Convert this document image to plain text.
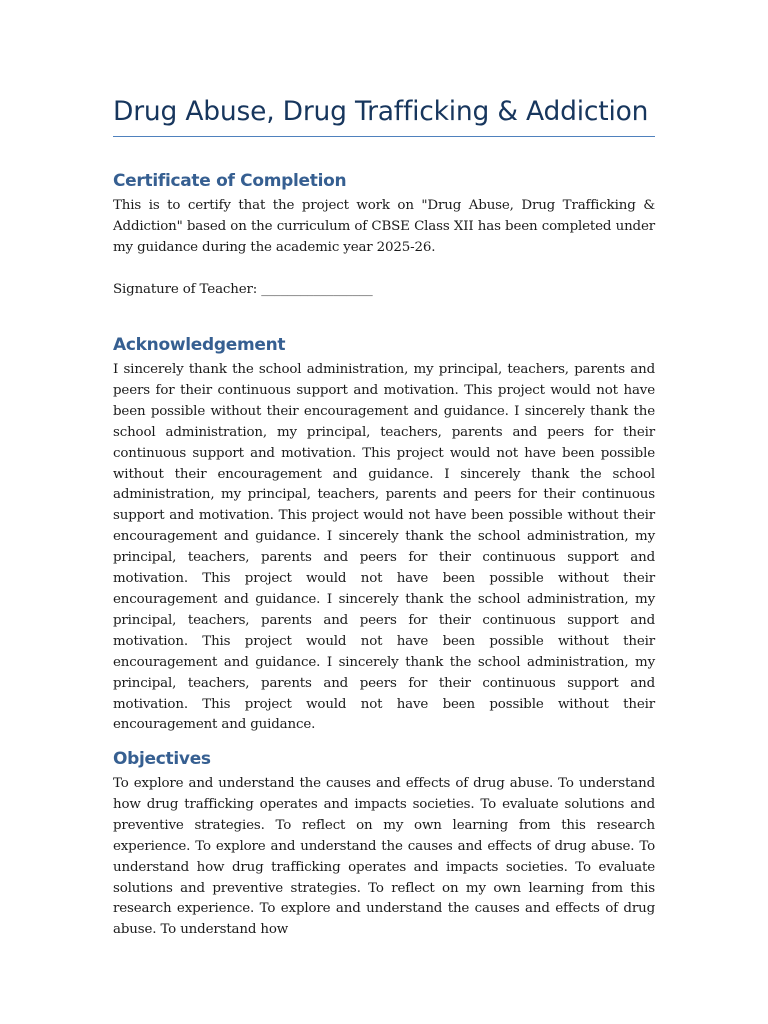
Drug Abuse, Drug Trafficking & Addiction
Certificate of Completion

This is to certify that the project work on "Drug Abuse, Drug Trafficking & Addiction" based on the curriculum of CBSE Class XII has been completed under my guidance during the academic year 2025-26.

Signature of Teacher: _________________

Acknowledgement

I sincerely thank the school administration, my principal, teachers, parents and peers for their continuous support and motivation. This project would not have been possible without their encouragement and guidance. I sincerely thank the school administration, my principal, teachers, parents and peers for their continuous support and motivation. This project would not have been possible without their encouragement and guidance. I sincerely thank the school administration, my principal, teachers, parents and peers for their continuous support and motivation. This project would not have been possible without their encouragement and guidance. I sincerely thank the school administration, my principal, teachers, parents and peers for their continuous support and motivation. This project would not have been possible without their encouragement and guidance. I sincerely thank the school administration, my principal, teachers, parents and peers for their continuous support and motivation. This project would not have been possible without their encouragement and guidance. I sincerely thank the school administration, my principal, teachers, parents and peers for their continuous support and motivation. This project would not have been possible without their encouragement and guidance.

Objectives

To explore and understand the causes and effects of drug abuse. To understand how drug trafficking operates and impacts societies. To evaluate solutions and preventive strategies. To reflect on my own learning from this research experience. To explore and understand the causes and effects of drug abuse. To understand how drug trafficking operates and impacts societies. To evaluate solutions and preventive strategies. To reflect on my own learning from this research experience. To explore and understand the causes and effects of drug abuse. To understand how
